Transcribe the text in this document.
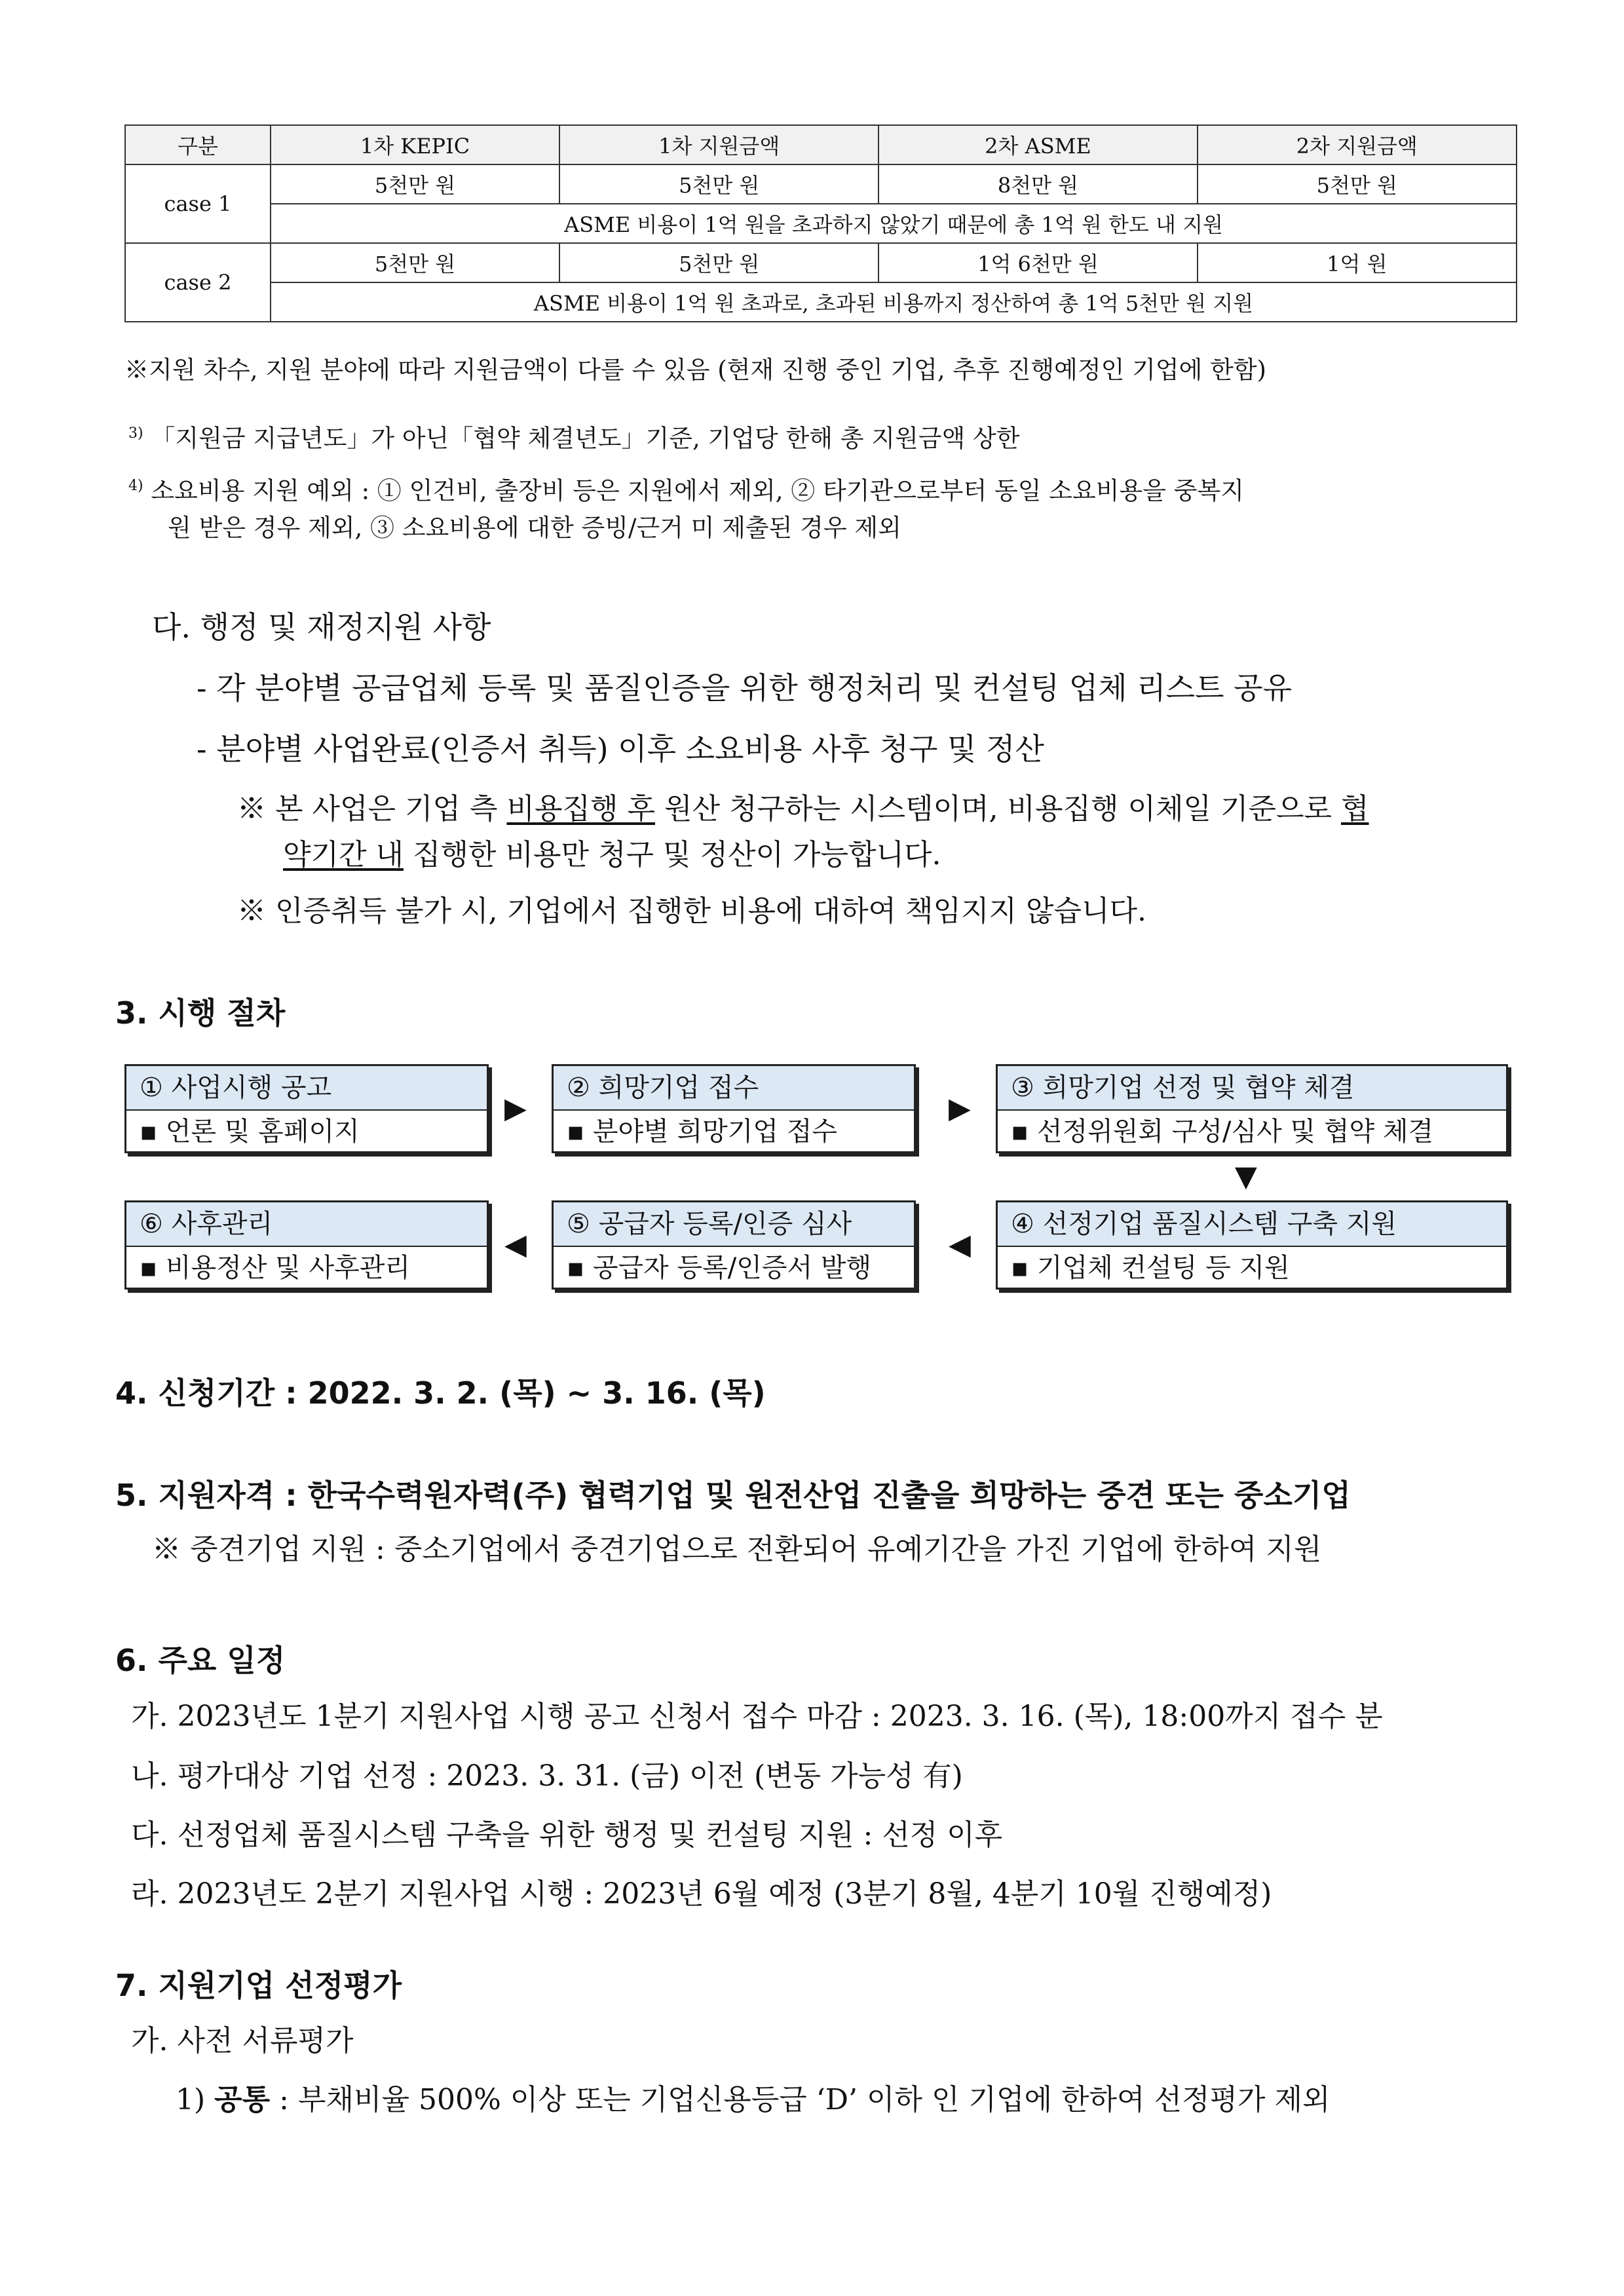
구분	1차 KEPIC	1차 지원금액	2차 ASME	2차 지원금액
case 1	5천만 원	5천만 원	8천만 원	5천만 원
	ASME 비용이 1억 원을 초과하지 않았기 때문에 총 1억 원 한도 내 지원			
case 2	5천만 원	5천만 원	1억 6천만 원	1억 원
	ASME 비용이 1억 원 초과로, 초과된 비용까지 정산하여 총 1억 5천만 원 지원			
※지원 차수, 지원 분야에 따라 지원금액이 다를 수 있음 (현재 진행 중인 기업, 추후 진행예정인 기업에 한함)
$^{3)}$ 「지원금 지급년도」가 아닌「협약 체결년도」기준, 기업당 한해 총 지원금액 상한
$^{4)}$ 소요비용 지원 예외 : ① 인건비, 출장비 등은 지원에서 제외, ② 타기관으로부터 동일 소요비용을 중복지
원 받은 경우 제외, ③ 소요비용에 대한 증빙/근거 미 제출된 경우 제외
다. 행정 및 재정지원 사항
- 각 분야별 공급업체 등록 및 품질인증을 위한 행정처리 및 컨설팅 업체 리스트 공유
- 분야별 사업완료(인증서 취득) 이후 소요비용 사후 청구 및 정산
※ 본 사업은 기업 측 비용집행 후 원산 청구하는 시스템이며, 비용집행 이체일 기준으로 협
약기간 내 집행한 비용만 청구 및 정산이 가능합니다.
※ 인증취득 불가 시, 기업에서 집행한 비용에 대하여 책임지지 않습니다.
3. 시행 절차
① 사업시행 공고
▪ 언론 및 홈페이지
▶
② 희망기업 접수
▪ 분야별 희망기업 접수
▶
③ 희망기업 선정 및 협약 체결
▪ 선정위원회 구성/심사 및 협약 체결
▼
⑥ 사후관리
▪ 비용정산 및 사후관리
◀
⑤ 공급자 등록/인증 심사
▪ 공급자 등록/인증서 발행
◀
④ 선정기업 품질시스템 구축 지원
▪ 기업체 컨설팅 등 지원
4. 신청기간 : 2022. 3. 2. (목) ~ 3. 16. (목)
5. 지원자격 : 한국수력원자력(주) 협력기업 및 원전산업 진출을 희망하는 중견 또는 중소기업
※ 중견기업 지원 : 중소기업에서 중견기업으로 전환되어 유예기간을 가진 기업에 한하여 지원
6. 주요 일정
가. 2023년도 1분기 지원사업 시행 공고 신청서 접수 마감 : 2023. 3. 16. (목), 18:00까지 접수 분
나. 평가대상 기업 선정 : 2023. 3. 31. (금) 이전 (변동 가능성 有)
다. 선정업체 품질시스템 구축을 위한 행정 및 컨설팅 지원 : 선정 이후
라. 2023년도 2분기 지원사업 시행 : 2023년 6월 예정 (3분기 8월, 4분기 10월 진행예정)
7. 지원기업 선정평가
가. 사전 서류평가
1) 공통 : 부채비율 500% 이상 또는 기업신용등급 ‘D’ 이하 인 기업에 한하여 선정평가 제외
